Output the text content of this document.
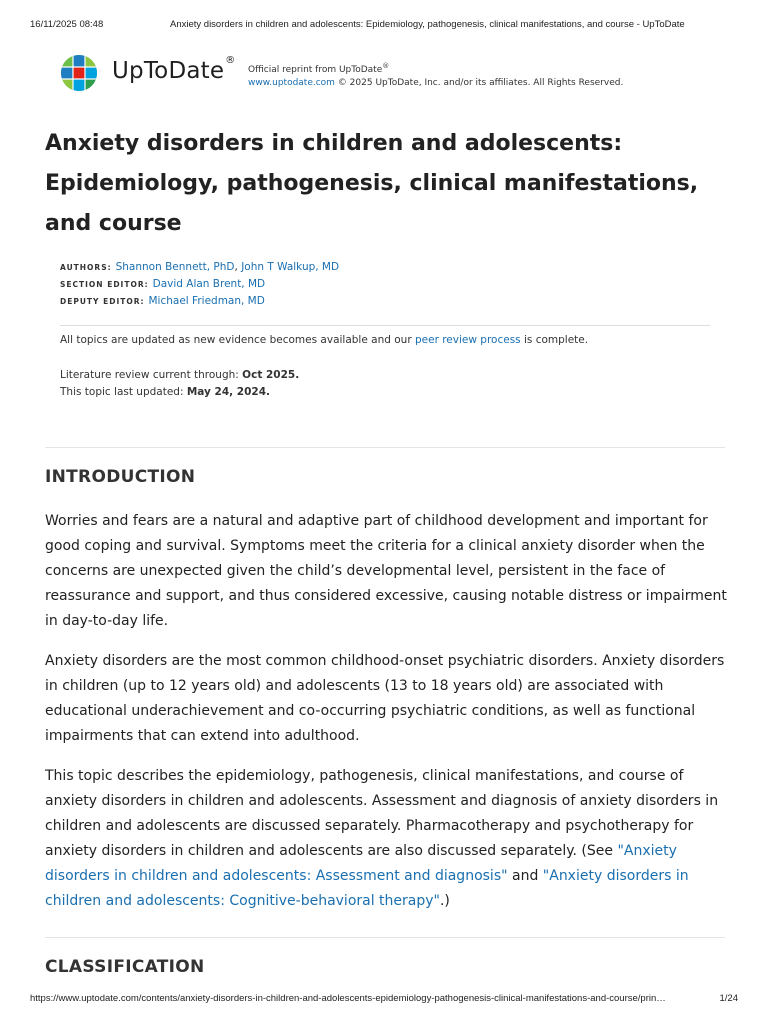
16/11/2025 08:48	Anxiety disorders in children and adolescents: Epidemiology, pathogenesis, clinical manifestations, and course - UpToDate
UpToDate®
Official reprint from UpToDate®
www.uptodate.com © 2025 UpToDate, Inc. and/or its affiliates. All Rights Reserved.
Anxiety disorders in children and adolescents: Epidemiology, pathogenesis, clinical manifestations, and course
AUTHORS: Shannon Bennett, PhD, John T Walkup, MD
SECTION EDITOR: David Alan Brent, MD
DEPUTY EDITOR: Michael Friedman, MD
All topics are updated as new evidence becomes available and our peer review process is complete.
Literature review current through: Oct 2025.
This topic last updated: May 24, 2024.
INTRODUCTION

Worries and fears are a natural and adaptive part of childhood development and important for good coping and survival. Symptoms meet the criteria for a clinical anxiety disorder when the concerns are unexpected given the child’s developmental level, persistent in the face of reassurance and support, and thus considered excessive, causing notable distress or impairment in day-to-day life.

Anxiety disorders are the most common childhood-onset psychiatric disorders. Anxiety disorders in children (up to 12 years old) and adolescents (13 to 18 years old) are associated with educational underachievement and co-occurring psychiatric conditions, as well as functional impairments that can extend into adulthood.

This topic describes the epidemiology, pathogenesis, clinical manifestations, and course of anxiety disorders in children and adolescents. Assessment and diagnosis of anxiety disorders in children and adolescents are discussed separately. Pharmacotherapy and psychotherapy for anxiety disorders in children and adolescents are also discussed separately. (See "Anxiety disorders in children and adolescents: Assessment and diagnosis" and "Anxiety disorders in children and adolescents: Cognitive-behavioral therapy".)

CLASSIFICATION
https://www.uptodate.com/contents/anxiety-disorders-in-children-and-adolescents-epidemiology-pathogenesis-clinical-manifestations-and-course/prin…	1/24
